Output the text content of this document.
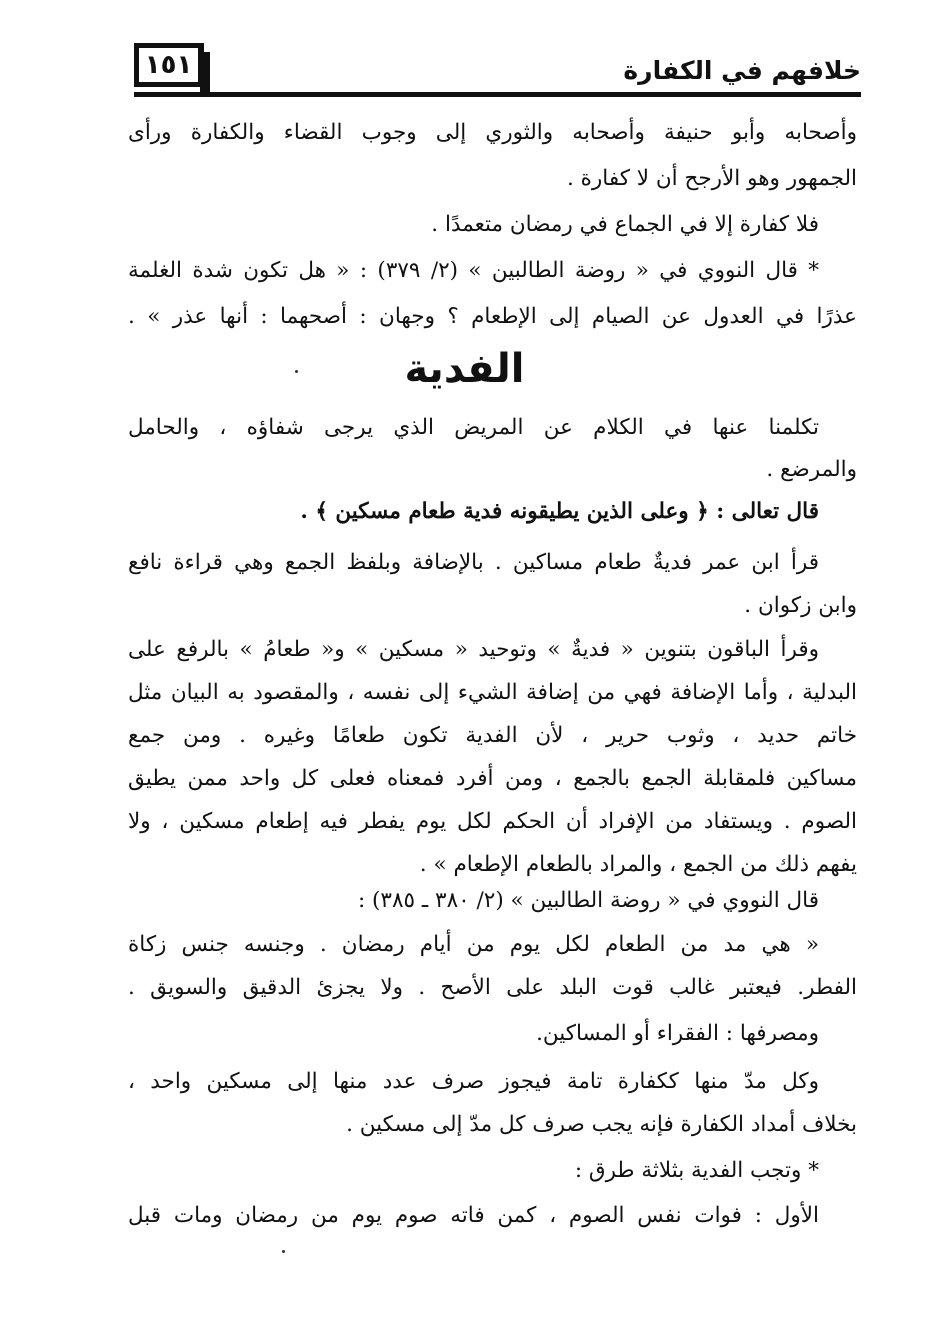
١٥١	خلافهم في الكفارة
وأصحابه وأبو حنيفة وأصحابه والثوري إلى وجوب القضاء والكفارة ورأى
الجمهور وهو الأرجح أن لا كفارة .
فلا كفارة إلا في الجماع في رمضان متعمدًا .
* قال النووي في « روضة الطالبين » (٢/ ٣٧٩) : « هل تكون شدة الغلمة
عذرًا في العدول عن الصيام إلى الإطعام ؟ وجهان : أصحهما : أنها عذر » .
الفدية
تكلمنا عنها في الكلام عن المريض الذي يرجى شفاؤه ، والحامل
والمرضع .
قال تعالى : ﴿ وعلى الذين يطيقونه فدية طعام مسكين ﴾ .
قرأ ابن عمر فديةٌ طعام مساكين . بالإضافة وبلفظ الجمع وهي قراءة نافع
وابن زكوان .
وقرأ الباقون بتنوين « فديةٌ » وتوحيد « مسكين » و« طعامُ » بالرفع على
البدلية ، وأما الإضافة فهي من إضافة الشيء إلى نفسه ، والمقصود به البيان مثل
خاتم حديد ، وثوب حرير ، لأن الفدية تكون طعامًا وغيره . ومن جمع
مساكين فلمقابلة الجمع بالجمع ، ومن أفرد فمعناه فعلى كل واحد ممن يطيق
الصوم . ويستفاد من الإفراد أن الحكم لكل يوم يفطر فيه إطعام مسكين ، ولا
يفهم ذلك من الجمع ، والمراد بالطعام الإطعام » .
قال النووي في « روضة الطالبين » (٢/ ٣٨٠ ـ ٣٨٥) :
« هي مد من الطعام لكل يوم من أيام رمضان . وجنسه جنس زكاة
الفطر. فيعتبر غالب قوت البلد على الأصح . ولا يجزئ الدقيق والسويق .
ومصرفها : الفقراء أو المساكين.
وكل مدّ منها ككفارة تامة فيجوز صرف عدد منها إلى مسكين واحد ،
بخلاف أمداد الكفارة فإنه يجب صرف كل مدّ إلى مسكين .
* وتجب الفدية بثلاثة طرق :
الأول : فوات نفس الصوم ، كمن فاته صوم يوم من رمضان ومات قبل
